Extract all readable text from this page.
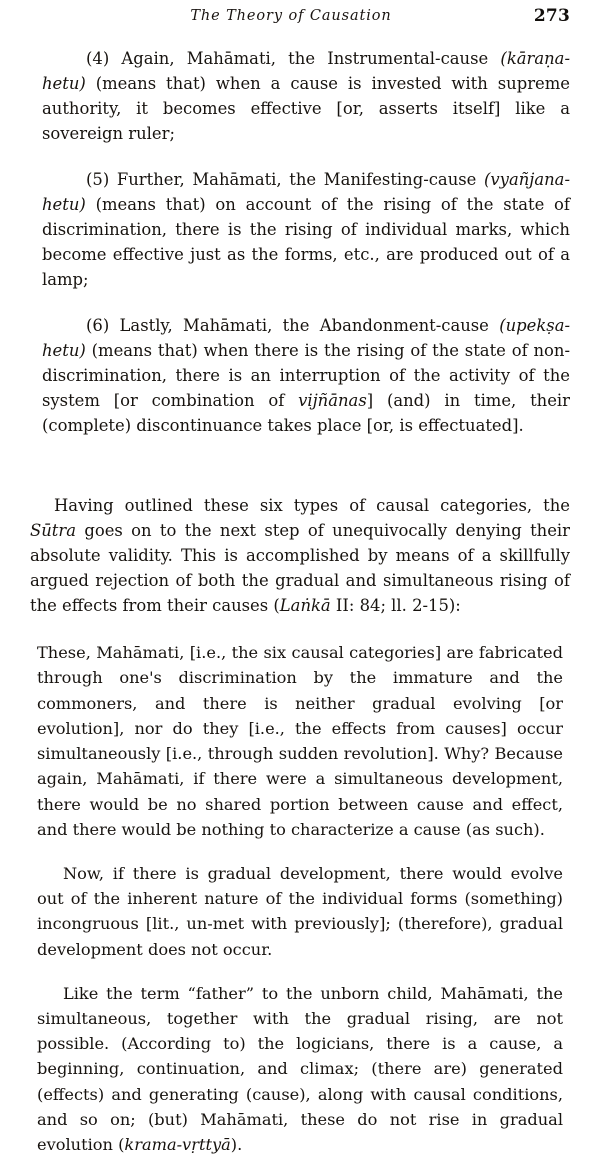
The Theory of Causation	273

(4) Again, Mahāmati, the Instrumental-cause (kāraṇa-hetu) (means that) when a cause is invested with supreme authority, it becomes effective [or, asserts itself] like a sovereign ruler;

(5) Further, Mahāmati, the Manifesting-cause (vyañjana-hetu) (means that) on account of the rising of the state of discrimination, there is the rising of individual marks, which become effective just as the forms, etc., are produced out of a lamp;

(6) Lastly, Mahāmati, the Abandonment-cause (upekṣa-hetu) (means that) when there is the rising of the state of non-discrimination, there is an interruption of the activity of the system [or combination of vijñānas] (and) in time, their (complete) discontinuance takes place [or, is effectuated].

Having outlined these six types of causal categories, the Sūtra goes on to the next step of unequivocally denying their absolute validity. This is accomplished by means of a skillfully argued rejection of both the gradual and simultaneous rising of the effects from their causes (Laṅkā II: 84; ll. 2-15):

These, Mahāmati, [i.e., the six causal categories] are fabricated through one's discrimination by the immature and the commoners, and there is neither gradual evolving [or evolution], nor do they [i.e., the effects from causes] occur simultaneously [i.e., through sudden revolution]. Why? Because again, Mahāmati, if there were a simultaneous development, there would be no shared portion between cause and effect, and there would be nothing to characterize a cause (as such).

Now, if there is gradual development, there would evolve out of the inherent nature of the individual forms (something) incongruous [lit., un-met with previously]; (therefore), gradual development does not occur.

Like the term “father” to the unborn child, Mahāmati, the simultaneous, together with the gradual rising, are not possible. (According to) the logicians, there is a cause, a beginning, continuation, and climax; (there are) generated (effects) and generating (cause), along with causal conditions, and so on; (but) Mahāmati, these do not rise in gradual evolution (krama-vṛttyā).
